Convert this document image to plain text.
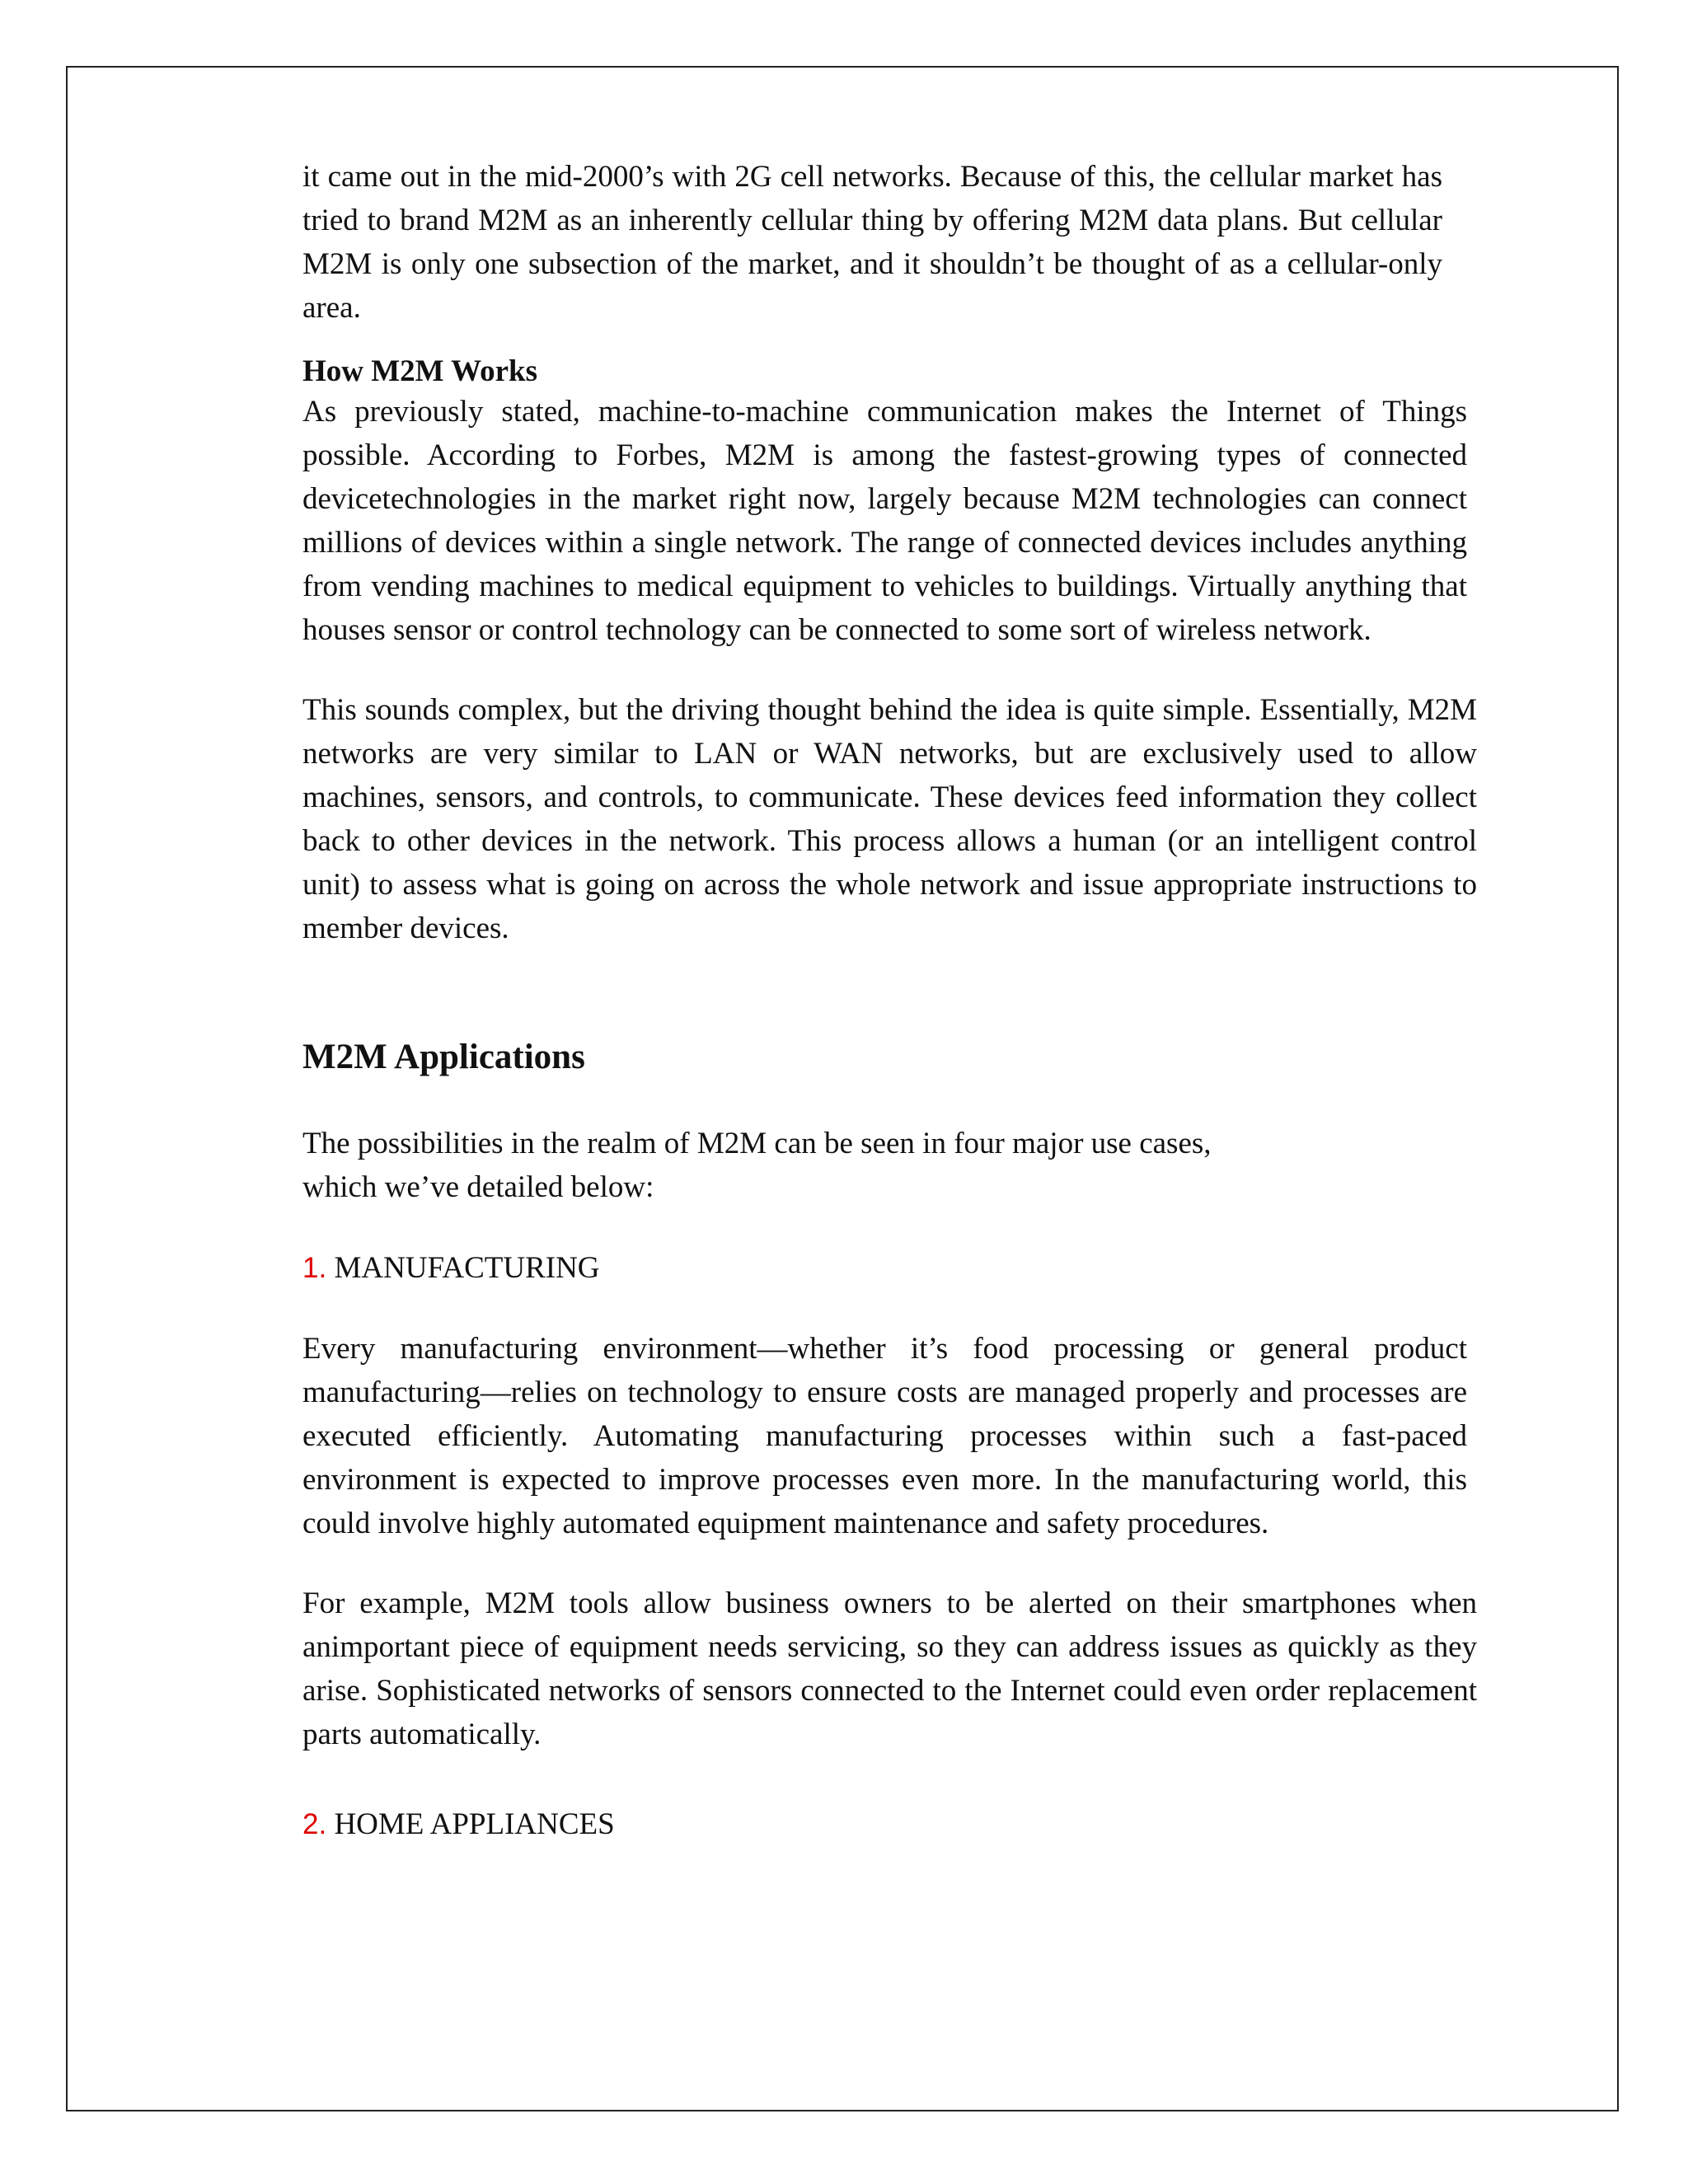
it came out in the mid-2000’s with 2G cell networks. Because of this, the cellular market has tried to brand M2M as an inherently cellular thing by offering M2M data plans. But cellular M2M is only one subsection of the market, and it shouldn’t be thought of as a cellular-only area.

How M2M Works

As previously stated, machine-to-machine communication makes the Internet of Things possible. According to Forbes, M2M is among the fastest-growing types of connected devicetechnologies in the market right now, largely because M2M technologies can connect millions of devices within a single network. The range of connected devices includes anything from vending machines to medical equipment to vehicles to buildings. Virtually anything that houses sensor or control technology can be connected to some sort of wireless network.

This sounds complex, but the driving thought behind the idea is quite simple. Essentially, M2M networks are very similar to LAN or WAN networks, but are exclusively used to allow machines, sensors, and controls, to communicate. These devices feed information they collect back to other devices in the network. This process allows a human (or an intelligent control unit) to assess what is going on across the whole network and issue appropriate instructions to member devices.

M2M Applications

The possibilities in the realm of M2M can be seen in four major use cases,
which we’ve detailed below:

1. MANUFACTURING

Every manufacturing environment—whether it’s food processing or general product manufacturing—relies on technology to ensure costs are managed properly and processes are executed efficiently. Automating manufacturing processes within such a fast-paced environment is expected to improve processes even more. In the manufacturing world, this could involve highly automated equipment maintenance and safety procedures.

For example, M2M tools allow business owners to be alerted on their smartphones when animportant piece of equipment needs servicing, so they can address issues as quickly as they arise. Sophisticated networks of sensors connected to the Internet could even order replacement parts automatically.

2. HOME APPLIANCES
